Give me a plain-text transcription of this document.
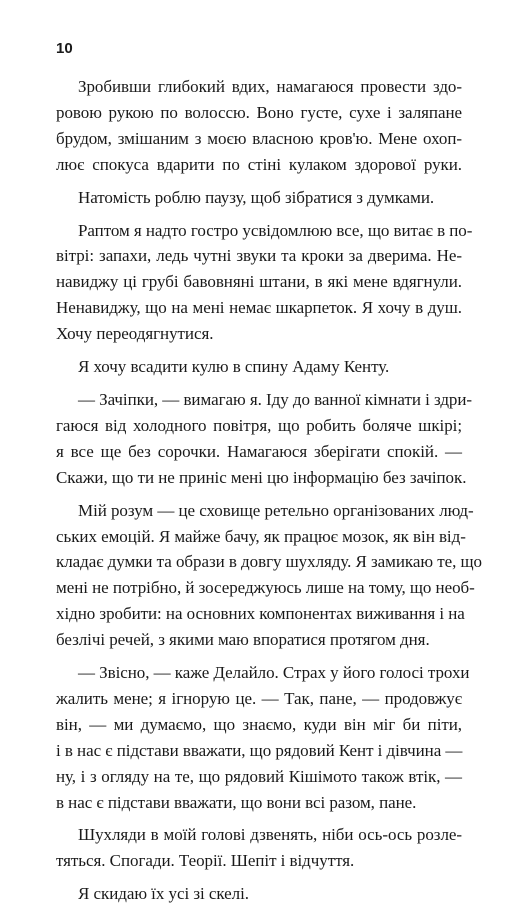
10
Зробивши глибокий вдих, намагаюся провести здо-
ровою рукою по волоссю. Воно густе, сухе і заляпане
брудом, змішаним з моєю власною кров'ю. Мене охоп-
лює спокуса вдарити по стіні кулаком здорової руки.
Натомість роблю паузу, щоб зібратися з думками.
Раптом я надто гостро усвідомлюю все, що витає в по-
вітрі: запахи, ледь чутні звуки та кроки за дверима. Не-
навиджу ці грубі бавовняні штани, в які мене вдягнули.
Ненавиджу, що на мені немає шкарпеток. Я хочу в душ.
Хочу переодягнутися.
Я хочу всадити кулю в спину Адаму Кенту.
— Зачіпки, — вимагаю я. Іду до ванної кімнати і здри-
гаюся від холодного повітря, що робить боляче шкірі;
я все ще без сорочки. Намагаюся зберігати спокій. —
Скажи, що ти не приніс мені цю інформацію без зачіпок.
Мій розум — це сховище ретельно організованих люд-
ських емоцій. Я майже бачу, як працює мозок, як він від-
кладає думки та образи в довгу шухляду. Я замикаю те, що
мені не потрібно, й зосереджуюсь лише на тому, що необ-
хідно зробити: на основних компонентах виживання і на
безлічі речей, з якими маю впоратися протягом дня.
— Звісно, — каже Делайло. Страх у його голосі трохи
жалить мене; я ігнорую це. — Так, пане, — продовжує
він, — ми думаємо, що знаємо, куди він міг би піти,
і в нас є підстави вважати, що рядовий Кент і дівчина —
ну, і з огляду на те, що рядовий Кішімото також втік, —
в нас є підстави вважати, що вони всі разом, пане.
Шухляди в моїй голові дзвенять, ніби ось-ось розле-
тяться. Спогади. Теорії. Шепіт і відчуття.
Я скидаю їх усі зі скелі.
